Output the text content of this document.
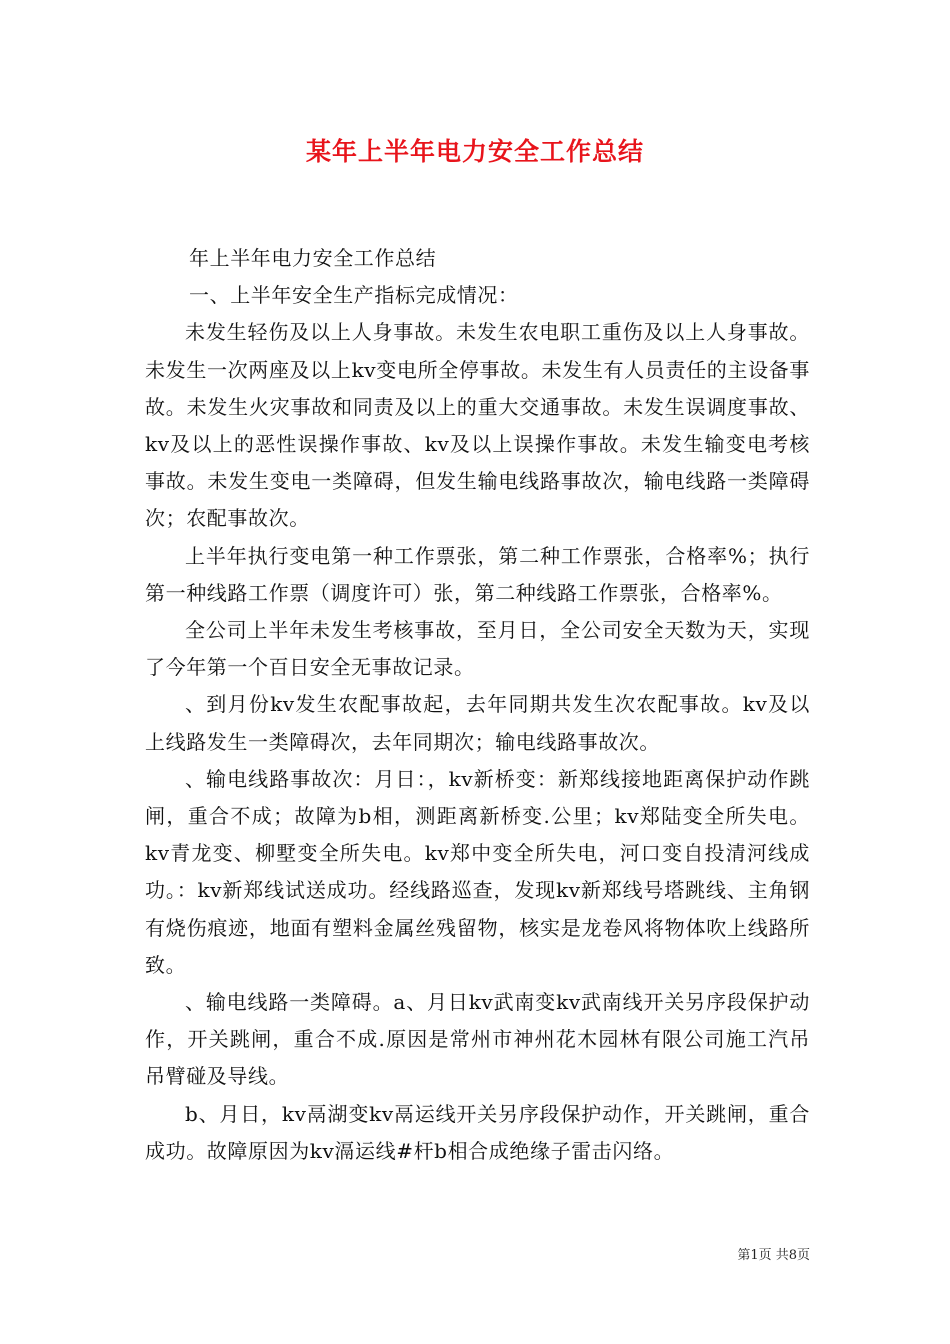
某年上半年电力安全工作总结

年上半年电力安全工作总结

一、上半年安全生产指标完成情况：

未发生轻伤及以上人身事故。未发生农电职工重伤及以上人身事故。未发生一次两座及以上kv变电所全停事故。未发生有人员责任的主设备事故。未发生火灾事故和同责及以上的重大交通事故。未发生误调度事故、kv及以上的恶性误操作事故、kv及以上误操作事故。未发生输变电考核事故。未发生变电一类障碍，但发生输电线路事故次，输电线路一类障碍次；农配事故次。

上半年执行变电第一种工作票张，第二种工作票张，合格率%；执行第一种线路工作票（调度许可）张，第二种线路工作票张，合格率%。

全公司上半年未发生考核事故，至月日，全公司安全天数为天，实现了今年第一个百日安全无事故记录。

、到月份kv发生农配事故起，去年同期共发生次农配事故。kv及以上线路发生一类障碍次，去年同期次；输电线路事故次。

、输电线路事故次：月日：，kv新桥变：新郑线接地距离保护动作跳闸，重合不成；故障为b相，测距离新桥变.公里；kv郑陆变全所失电。kv青龙变、柳墅变全所失电。kv郑中变全所失电，河口变自投清河线成功。：kv新郑线试送成功。经线路巡查，发现kv新郑线号塔跳线、主角钢有烧伤痕迹，地面有塑料金属丝残留物，核实是龙卷风将物体吹上线路所致。

、输电线路一类障碍。a、月日kv武南变kv武南线开关另序段保护动作，开关跳闸，重合不成.原因是常州市神州花木园林有限公司施工汽吊吊臂碰及导线。

b、月日，kv鬲湖变kv鬲运线开关另序段保护动作，开关跳闸，重合成功。故障原因为kv滆运线#杆b相合成绝缘子雷击闪络。

第1页 共8页
